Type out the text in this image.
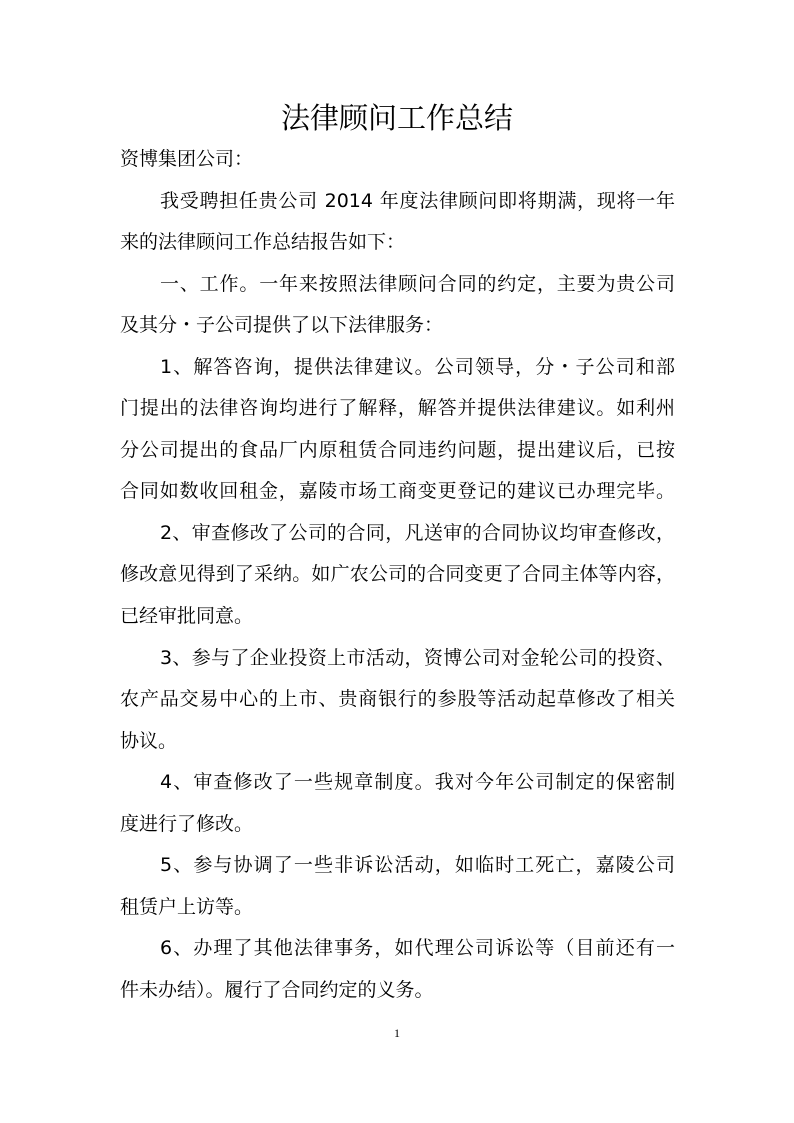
法律顾问工作总结
资博集团公司：
我受聘担任贵公司 2014 年度法律顾问即将期满，现将一年
来的法律顾问工作总结报告如下：
一、工作。一年来按照法律顾问合同的约定，主要为贵公司
及其分・子公司提供了以下法律服务：
1、解答咨询，提供法律建议。公司领导，分・子公司和部
门提出的法律咨询均进行了解释，解答并提供法律建议。如利州
分公司提出的食品厂内原租赁合同违约问题，提出建议后，已按
合同如数收回租金，嘉陵市场工商变更登记的建议已办理完毕。
2、审查修改了公司的合同，凡送审的合同协议均审查修改，
修改意见得到了采纳。如广农公司的合同变更了合同主体等内容，
已经审批同意。
3、参与了企业投资上市活动，资博公司对金轮公司的投资、
农产品交易中心的上市、贵商银行的参股等活动起草修改了相关
协议。
4、审查修改了一些规章制度。我对今年公司制定的保密制
度进行了修改。
5、参与协调了一些非诉讼活动，如临时工死亡，嘉陵公司
租赁户上访等。
6、办理了其他法律事务，如代理公司诉讼等（目前还有一
件未办结）。履行了合同约定的义务。
1
